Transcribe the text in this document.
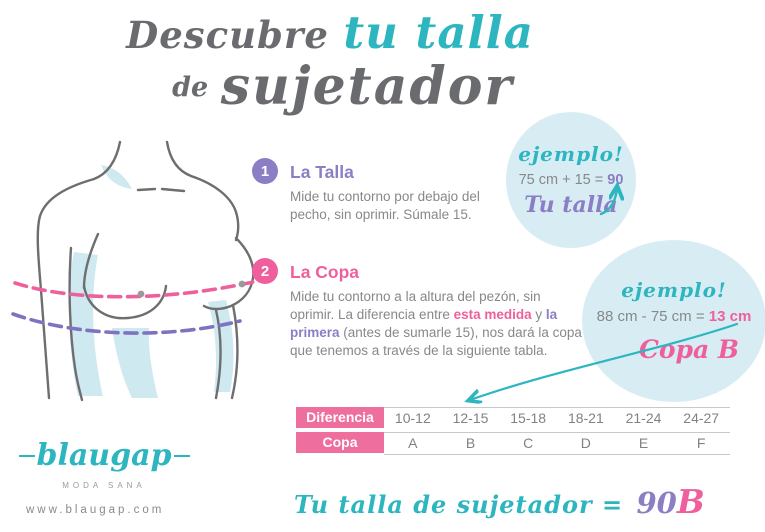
Descubre tu talla
de sujetador
1 La Talla
Mide tu contorno por debajo del pecho, sin oprimir. Súmale 15.
2 La Copa
Mide tu contorno a la altura del pezón, sin oprimir. La diferencia entre esta medida y la primera (antes de sumarle 15), nos dará la copa que tenemos a través de la siguiente tabla.
ejemplo!
75 cm + 15 = 90
Tu talla
ejemplo!
88 cm - 75 cm = 13 cm
Copa B
Diferencia	10-12	12-15	15-18	18-21	21-24	24-27
Copa	A	B	C	D	E	F
Tu talla de sujetador = 90B
blaugap
MODA SANA
www.blaugap.com
